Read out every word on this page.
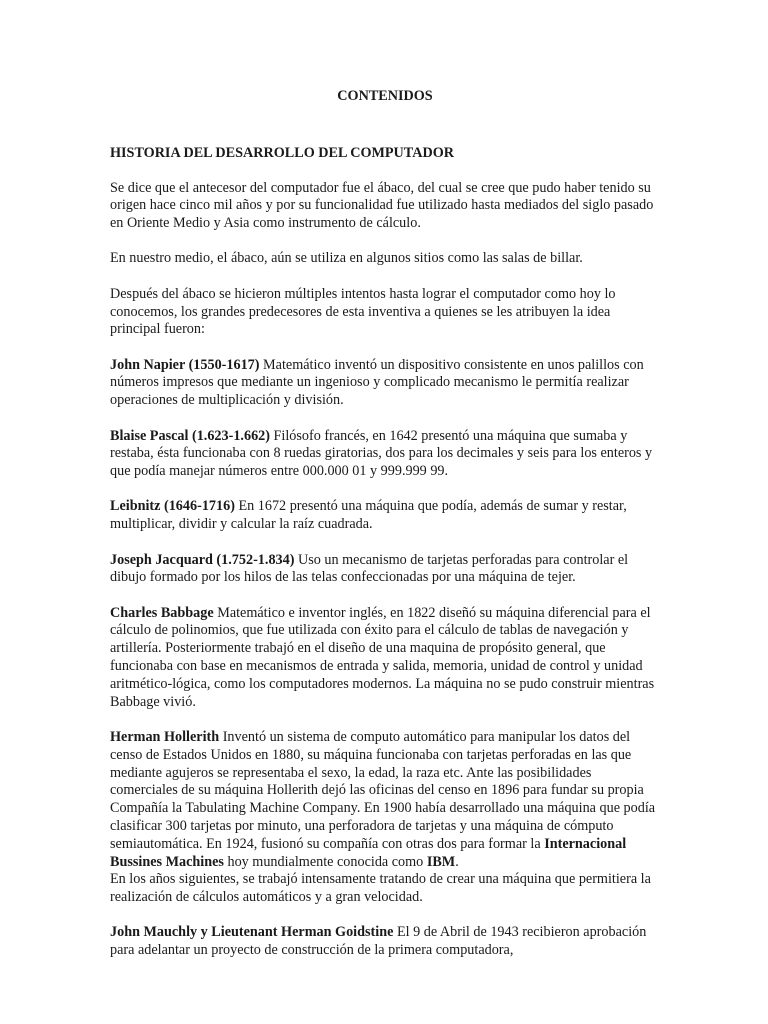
CONTENIDOS
HISTORIA DEL DESARROLLO DEL COMPUTADOR

Se dice que el antecesor del computador fue el ábaco, del cual se cree que pudo haber tenido su origen hace cinco mil años y por su funcionalidad fue utilizado hasta mediados del siglo pasado en Oriente Medio y Asia como instrumento de cálculo.

En nuestro medio, el ábaco, aún se utiliza en algunos sitios como las salas de billar.

Después del ábaco se hicieron múltiples intentos hasta lograr el computador como hoy lo conocemos, los grandes predecesores de esta inventiva a quienes se les atribuyen la idea principal fueron:

John Napier (1550-1617) Matemático inventó un dispositivo consistente en unos palillos con números impresos que mediante un ingenioso y complicado mecanismo le permitía realizar operaciones de multiplicación y división.

Blaise Pascal (1.623-1.662) Filósofo francés, en 1642 presentó una máquina que sumaba y restaba, ésta funcionaba con 8 ruedas giratorias, dos para los decimales y seis para los enteros y que podía manejar números entre 000.000 01 y 999.999 99.

Leibnitz (1646-1716) En 1672 presentó una máquina que podía, además de sumar y restar, multiplicar, dividir y calcular la raíz cuadrada.

Joseph Jacquard (1.752-1.834) Uso un mecanismo de tarjetas perforadas para controlar el dibujo formado por los hilos de las telas confeccionadas por una máquina de tejer.

Charles Babbage Matemático e inventor inglés, en 1822 diseñó su máquina diferencial para el cálculo de polinomios, que fue utilizada con éxito para el cálculo de tablas de navegación y artillería. Posteriormente trabajó en el diseño de una maquina de propósito general, que funcionaba con base en mecanismos de entrada y salida, memoria, unidad de control y unidad aritmético-lógica, como los computadores modernos. La máquina no se pudo construir mientras Babbage vivió.

Herman Hollerith Inventó un sistema de computo automático para manipular los datos del censo de Estados Unidos en 1880, su máquina funcionaba con tarjetas perforadas en las que mediante agujeros se representaba el sexo, la edad, la raza etc. Ante las posibilidades comerciales de su máquina Hollerith dejó las oficinas del censo en 1896 para fundar su propia Compañía la Tabulating Machine Company. En 1900 había desarrollado una máquina que podía clasificar 300 tarjetas por minuto, una perforadora de tarjetas y una máquina de cómputo semiautomática. En 1924, fusionó su compañía con otras dos para formar la Internacional Bussines Machines hoy mundialmente conocida como IBM.

En los años siguientes, se trabajó intensamente tratando de crear una máquina que permitiera la realización de cálculos automáticos y a gran velocidad.

John Mauchly y Lieutenant Herman Goidstine El 9 de Abril de 1943 recibieron aprobación para adelantar un proyecto de construcción de la primera computadora,
